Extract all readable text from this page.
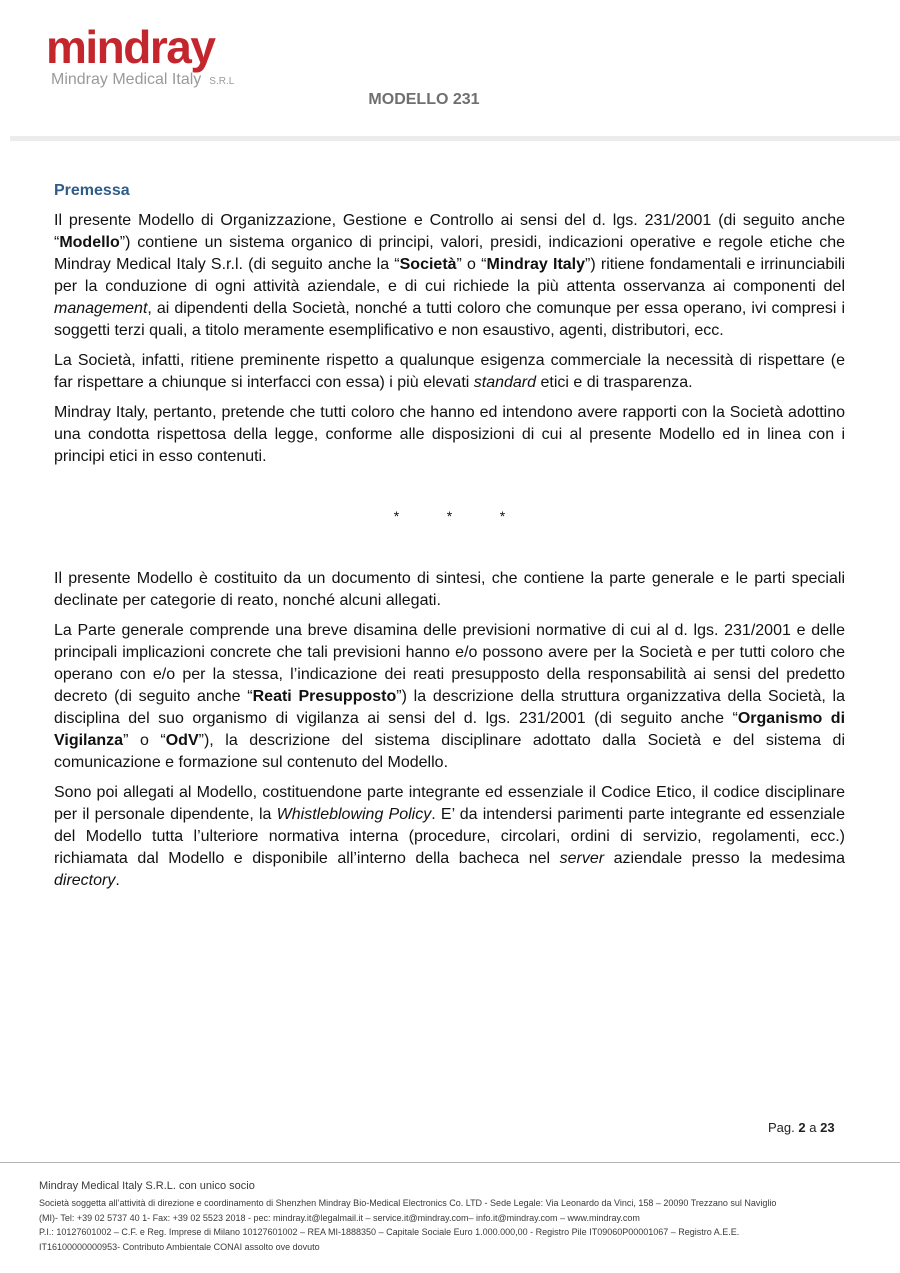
mindray
Mindray Medical Italy S.R.L
MODELLO 231
Premessa

Il presente Modello di Organizzazione, Gestione e Controllo ai sensi del d. lgs. 231/2001 (di seguito anche “Modello”) contiene un sistema organico di principi, valori, presidi, indicazioni operative e regole etiche che Mindray Medical Italy S.r.l. (di seguito anche la “Società” o “Mindray Italy”) ritiene fondamentali e irrinunciabili per la conduzione di ogni attività aziendale, e di cui richiede la più attenta osservanza ai componenti del management, ai dipendenti della Società, nonché a tutti coloro che comunque per essa operano, ivi compresi i soggetti terzi quali, a titolo meramente esemplificativo e non esaustivo, agenti, distributori, ecc.

La Società, infatti, ritiene preminente rispetto a qualunque esigenza commerciale la necessità di rispettare (e far rispettare a chiunque si interfacci con essa) i più elevati standard etici e di trasparenza.

Mindray Italy, pertanto, pretende che tutti coloro che hanno ed intendono avere rapporti con la Società adottino una condotta rispettosa della legge, conforme alle disposizioni di cui al presente Modello ed in linea con i principi etici in esso contenuti.

*	*	*

Il presente Modello è costituito da un documento di sintesi, che contiene la parte generale e le parti speciali declinate per categorie di reato, nonché alcuni allegati.

La Parte generale comprende una breve disamina delle previsioni normative di cui al d. lgs. 231/2001 e delle principali implicazioni concrete che tali previsioni hanno e/o possono avere per la Società e per tutti coloro che operano con e/o per la stessa, l’indicazione dei reati presupposto della responsabilità ai sensi del predetto decreto (di seguito anche “Reati Presupposto”) la descrizione della struttura organizzativa della Società, la disciplina del suo organismo di vigilanza ai sensi del d. lgs. 231/2001 (di seguito anche “Organismo di Vigilanza” o “OdV”), la descrizione del sistema disciplinare adottato dalla Società e del sistema di comunicazione e formazione sul contenuto del Modello.

Sono poi allegati al Modello, costituendone parte integrante ed essenziale il Codice Etico, il codice disciplinare per il personale dipendente, la Whistleblowing Policy. E’ da intendersi parimenti parte integrante ed essenziale del Modello tutta l’ulteriore normativa interna (procedure, circolari, ordini di servizio, regolamenti, ecc.) richiamata dal Modello e disponibile all’interno della bacheca nel server aziendale presso la medesima directory.

Pag. 2 a 23
Mindray Medical Italy S.R.L. con unico socio
Società soggetta all’attività di direzione e coordinamento di Shenzhen Mindray Bio-Medical Electronics Co. LTD - Sede Legale: Via Leonardo da Vinci, 158 – 20090 Trezzano sul Naviglio
(MI)- Tel: +39 02 5737 40 1- Fax: +39 02 5523 2018 - pec: mindray.it@legalmail.it – service.it@mindray.com– info.it@mindray.com – www.mindray.com
P.I.: 10127601002 – C.F. e Reg. Imprese di Milano 10127601002 – REA MI-1888350 – Capitale Sociale Euro 1.000.000,00 - Registro Pile IT09060P00001067 – Registro A.E.E.
IT16100000000953- Contributo Ambientale CONAI assolto ove dovuto
